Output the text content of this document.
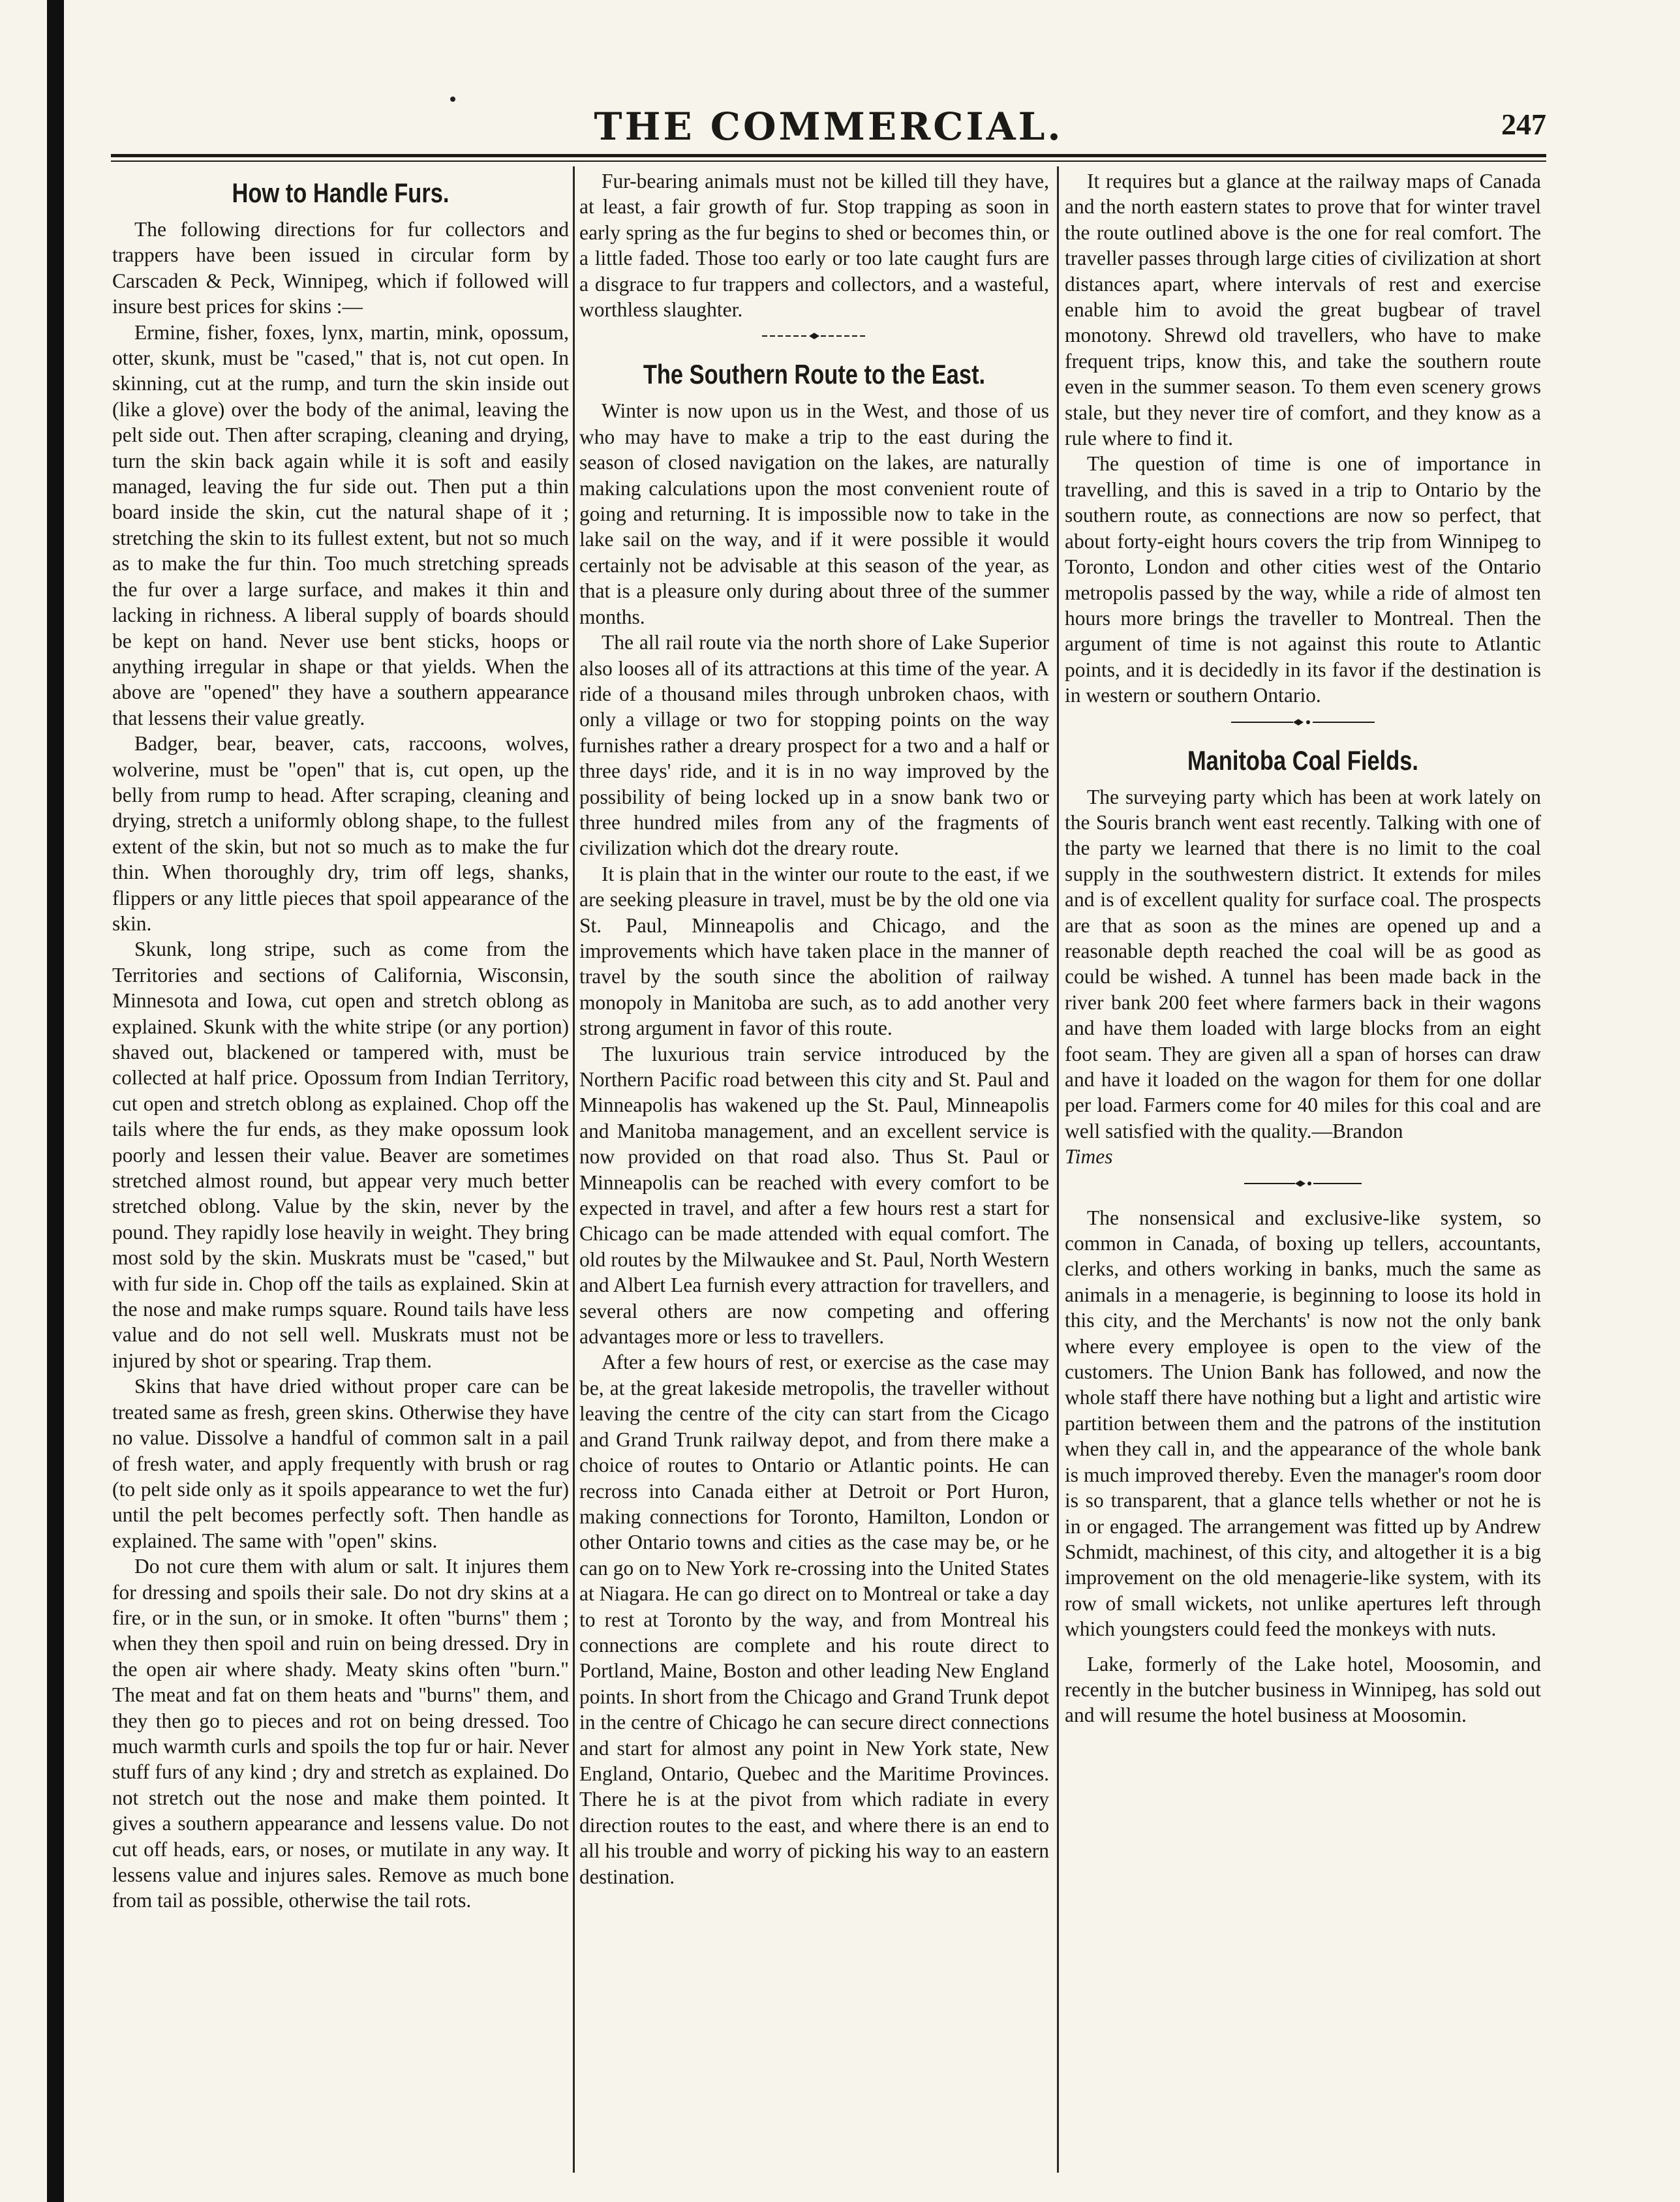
THE COMMERCIAL.	247
How to Handle Furs.

The following directions for fur collectors and trappers have been issued in circular form by Carscaden & Peck, Winnipeg, which if followed will insure best prices for skins :—

Ermine, fisher, foxes, lynx, martin, mink, opossum, otter, skunk, must be "cased," that is, not cut open. In skinning, cut at the rump, and turn the skin inside out (like a glove) over the body of the animal, leaving the pelt side out. Then after scraping, cleaning and drying, turn the skin back again while it is soft and easily managed, leaving the fur side out. Then put a thin board inside the skin, cut the natural shape of it ; stretching the skin to its fullest extent, but not so much as to make the fur thin. Too much stretching spreads the fur over a large surface, and makes it thin and lacking in richness. A liberal supply of boards should be kept on hand. Never use bent sticks, hoops or anything irregular in shape or that yields. When the above are "opened" they have a southern appearance that lessens their value greatly.

Badger, bear, beaver, cats, raccoons, wolves, wolverine, must be "open" that is, cut open, up the belly from rump to head. After scraping, cleaning and drying, stretch a uniformly oblong shape, to the fullest extent of the skin, but not so much as to make the fur thin. When thoroughly dry, trim off legs, shanks, flippers or any little pieces that spoil appearance of the skin.

Skunk, long stripe, such as come from the Territories and sections of California, Wisconsin, Minnesota and Iowa, cut open and stretch oblong as explained. Skunk with the white stripe (or any portion) shaved out, blackened or tampered with, must be collected at half price. Opossum from Indian Territory, cut open and stretch oblong as explained. Chop off the tails where the fur ends, as they make opossum look poorly and lessen their value. Beaver are sometimes stretched almost round, but appear very much better stretched oblong. Value by the skin, never by the pound. They rapidly lose heavily in weight. They bring most sold by the skin. Muskrats must be "cased," but with fur side in. Chop off the tails as explained. Skin at the nose and make rumps square. Round tails have less value and do not sell well. Muskrats must not be injured by shot or spearing. Trap them.

Skins that have dried without proper care can be treated same as fresh, green skins. Otherwise they have no value. Dissolve a handful of common salt in a pail of fresh water, and apply frequently with brush or rag (to pelt side only as it spoils appearance to wet the fur) until the pelt becomes perfectly soft. Then handle as explained. The same with "open" skins.

Do not cure them with alum or salt. It injures them for dressing and spoils their sale. Do not dry skins at a fire, or in the sun, or in smoke. It often "burns" them ; when they then spoil and ruin on being dressed. Dry in the open air where shady. Meaty skins often "burn." The meat and fat on them heats and "burns" them, and they then go to pieces and rot on being dressed. Too much warmth curls and spoils the top fur or hair. Never stuff furs of any kind ; dry and stretch as explained. Do not stretch out the nose and make them pointed. It gives a southern appearance and lessens value. Do not cut off heads, ears, or noses, or mutilate in any way. It lessens value and injures sales. Remove as much bone from tail as possible, otherwise the tail rots.

Fur-bearing animals must not be killed till they have, at least, a fair growth of fur. Stop trapping as soon in early spring as the fur begins to shed or becomes thin, or a little faded. Those too early or too late caught furs are a disgrace to fur trappers and collectors, and a wasteful, worthless slaughter.

The Southern Route to the East.

Winter is now upon us in the West, and those of us who may have to make a trip to the east during the season of closed navigation on the lakes, are naturally making calculations upon the most convenient route of going and returning. It is impossible now to take in the lake sail on the way, and if it were possible it would certainly not be advisable at this season of the year, as that is a pleasure only during about three of the summer months.

The all rail route via the north shore of Lake Superior also looses all of its attractions at this time of the year. A ride of a thousand miles through unbroken chaos, with only a village or two for stopping points on the way furnishes rather a dreary prospect for a two and a half or three days' ride, and it is in no way improved by the possibility of being locked up in a snow bank two or three hundred miles from any of the fragments of civilization which dot the dreary route.

It is plain that in the winter our route to the east, if we are seeking pleasure in travel, must be by the old one via St. Paul, Minneapolis and Chicago, and the improvements which have taken place in the manner of travel by the south since the abolition of railway monopoly in Manitoba are such, as to add another very strong argument in favor of this route.

The luxurious train service introduced by the Northern Pacific road between this city and St. Paul and Minneapolis has wakened up the St. Paul, Minneapolis and Manitoba management, and an excellent service is now provided on that road also. Thus St. Paul or Minneapolis can be reached with every comfort to be expected in travel, and after a few hours rest a start for Chicago can be made attended with equal comfort. The old routes by the Milwaukee and St. Paul, North Western and Albert Lea furnish every attraction for travellers, and several others are now competing and offering advantages more or less to travellers.

After a few hours of rest, or exercise as the case may be, at the great lakeside metropolis, the traveller without leaving the centre of the city can start from the Cicago and Grand Trunk railway depot, and from there make a choice of routes to Ontario or Atlantic points. He can recross into Canada either at Detroit or Port Huron, making connections for Toronto, Hamilton, London or other Ontario towns and cities as the case may be, or he can go on to New York re-crossing into the United States at Niagara. He can go direct on to Montreal or take a day to rest at Toronto by the way, and from Montreal his connections are complete and his route direct to Portland, Maine, Boston and other leading New England points. In short from the Chicago and Grand Trunk depot in the centre of Chicago he can secure direct connections and start for almost any point in New York state, New England, Ontario, Quebec and the Maritime Provinces. There he is at the pivot from which radiate in every direction routes to the east, and where there is an end to all his trouble and worry of picking his way to an eastern destination.

It requires but a glance at the railway maps of Canada and the north eastern states to prove that for winter travel the route outlined above is the one for real comfort. The traveller passes through large cities of civilization at short distances apart, where intervals of rest and exercise enable him to avoid the great bugbear of travel monotony. Shrewd old travellers, who have to make frequent trips, know this, and take the southern route even in the summer season. To them even scenery grows stale, but they never tire of comfort, and they know as a rule where to find it.

The question of time is one of importance in travelling, and this is saved in a trip to Ontario by the southern route, as connections are now so perfect, that about forty-eight hours covers the trip from Winnipeg to Toronto, London and other cities west of the Ontario metropolis passed by the way, while a ride of almost ten hours more brings the traveller to Montreal. Then the argument of time is not against this route to Atlantic points, and it is decidedly in its favor if the destination is in western or southern Ontario.

Manitoba Coal Fields.

The surveying party which has been at work lately on the Souris branch went east recently. Talking with one of the party we learned that there is no limit to the coal supply in the southwestern district. It extends for miles and is of excellent quality for surface coal. The prospects are that as soon as the mines are opened up and a reasonable depth reached the coal will be as good as could be wished. A tunnel has been made back in the river bank 200 feet where farmers back in their wagons and have them loaded with large blocks from an eight foot seam. They are given all a span of horses can draw and have it loaded on the wagon for them for one dollar per load. Farmers come for 40 miles for this coal and are well satisfied with the quality.—Brandon

Times

The nonsensical and exclusive-like system, so common in Canada, of boxing up tellers, accountants, clerks, and others working in banks, much the same as animals in a menagerie, is beginning to loose its hold in this city, and the Merchants' is now not the only bank where every employee is open to the view of the customers. The Union Bank has followed, and now the whole staff there have nothing but a light and artistic wire partition between them and the patrons of the institution when they call in, and the appearance of the whole bank is much improved thereby. Even the manager's room door is so transparent, that a glance tells whether or not he is in or engaged. The arrangement was fitted up by Andrew Schmidt, machinest, of this city, and altogether it is a big improvement on the old menagerie-like system, with its row of small wickets, not unlike apertures left through which youngsters could feed the monkeys with nuts.

Lake, formerly of the Lake hotel, Moosomin, and recently in the butcher business in Winnipeg, has sold out and will resume the hotel business at Moosomin.
